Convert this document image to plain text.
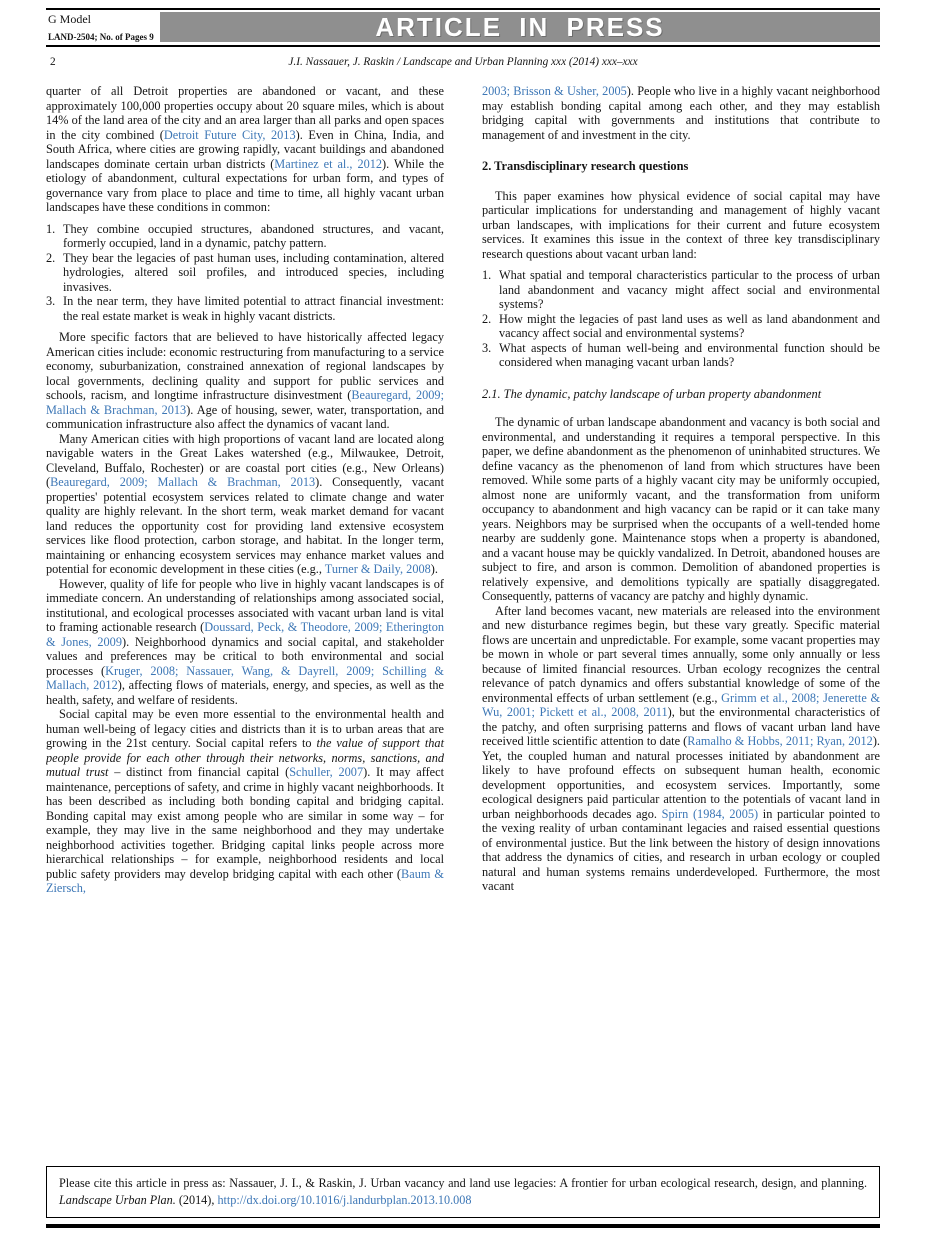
G Model
LAND-2504; No. of Pages 9	ARTICLE IN PRESS
2	J.I. Nassauer, J. Raskin / Landscape and Urban Planning xxx (2014) xxx–xxx

quarter of all Detroit properties are abandoned or vacant, and these approximately 100,000 properties occupy about 20 square miles, which is about 14% of the land area of the city and an area larger than all parks and open spaces in the city combined (Detroit Future City, 2013). Even in China, India, and South Africa, where cities are growing rapidly, vacant buildings and abandoned landscapes dominate certain urban districts (Martinez et al., 2012). While the etiology of abandonment, cultural expectations for urban form, and types of governance vary from place to place and time to time, all highly vacant urban landscapes have these conditions in common:

They combine occupied structures, abandoned structures, and vacant, formerly occupied, land in a dynamic, patchy pattern.
They bear the legacies of past human uses, including contamination, altered hydrologies, altered soil profiles, and introduced species, including invasives.
In the near term, they have limited potential to attract financial investment: the real estate market is weak in highly vacant districts.

More specific factors that are believed to have historically affected legacy American cities include: economic restructuring from manufacturing to a service economy, suburbanization, constrained annexation of regional landscapes by local governments, declining quality and support for public services and schools, racism, and longtime infrastructure disinvestment (Beauregard, 2009; Mallach & Brachman, 2013). Age of housing, sewer, water, transportation, and communication infrastructure also affect the dynamics of vacant land.

Many American cities with high proportions of vacant land are located along navigable waters in the Great Lakes watershed (e.g., Milwaukee, Detroit, Cleveland, Buffalo, Rochester) or are coastal port cities (e.g., New Orleans) (Beauregard, 2009; Mallach & Brachman, 2013). Consequently, vacant properties' potential ecosystem services related to climate change and water quality are highly relevant. In the short term, weak market demand for vacant land reduces the opportunity cost for providing land extensive ecosystem services like flood protection, carbon storage, and habitat. In the longer term, maintaining or enhancing ecosystem services may enhance market values and potential for economic development in these cities (e.g., Turner & Daily, 2008).

However, quality of life for people who live in highly vacant landscapes is of immediate concern. An understanding of relationships among associated social, institutional, and ecological processes associated with vacant urban land is vital to framing actionable research (Doussard, Peck, & Theodore, 2009; Etherington & Jones, 2009). Neighborhood dynamics and social capital, and stakeholder values and preferences may be critical to both environmental and social processes (Kruger, 2008; Nassauer, Wang, & Dayrell, 2009; Schilling & Mallach, 2012), affecting flows of materials, energy, and species, as well as the health, safety, and welfare of residents.

Social capital may be even more essential to the environmental health and human well-being of legacy cities and districts than it is to urban areas that are growing in the 21st century. Social capital refers to the value of support that people provide for each other through their networks, norms, sanctions, and mutual trust – distinct from financial capital (Schuller, 2007). It may affect maintenance, perceptions of safety, and crime in highly vacant neighborhoods. It has been described as including both bonding capital and bridging capital. Bonding capital may exist among people who are similar in some way – for example, they may live in the same neighborhood and they may undertake neighborhood activities together. Bridging capital links people across more hierarchical relationships – for example, neighborhood residents and local public safety providers may develop bridging capital with each other (Baum & Ziersch,

2003; Brisson & Usher, 2005). People who live in a highly vacant neighborhood may establish bonding capital among each other, and they may establish bridging capital with governments and institutions that contribute to management of and investment in the city.

2. Transdisciplinary research questions

This paper examines how physical evidence of social capital may have particular implications for understanding and management of highly vacant urban landscapes, with implications for their current and future ecosystem services. It examines this issue in the context of three key transdisciplinary research questions about vacant urban land:

What spatial and temporal characteristics particular to the process of urban land abandonment and vacancy might affect social and environmental systems?
How might the legacies of past land uses as well as land abandonment and vacancy affect social and environmental systems?
What aspects of human well-being and environmental function should be considered when managing vacant urban lands?
2.1. The dynamic, patchy landscape of urban property abandonment

The dynamic of urban landscape abandonment and vacancy is both social and environmental, and understanding it requires a temporal perspective. In this paper, we define abandonment as the phenomenon of uninhabited structures. We define vacancy as the phenomenon of land from which structures have been removed. While some parts of a highly vacant city may be uniformly occupied, almost none are uniformly vacant, and the transformation from uniform occupancy to abandonment and high vacancy can be rapid or it can take many years. Neighbors may be surprised when the occupants of a well-tended home nearby are suddenly gone. Maintenance stops when a property is abandoned, and a vacant house may be quickly vandalized. In Detroit, abandoned houses are subject to fire, and arson is common. Demolition of abandoned properties is relatively expensive, and demolitions typically are spatially disaggregated. Consequently, patterns of vacancy are patchy and highly dynamic.

After land becomes vacant, new materials are released into the environment and new disturbance regimes begin, but these vary greatly. Specific material flows are uncertain and unpredictable. For example, some vacant properties may be mown in whole or part several times annually, some only annually or less because of limited financial resources. Urban ecology recognizes the central relevance of patch dynamics and offers substantial knowledge of some of the environmental effects of urban settlement (e.g., Grimm et al., 2008; Jenerette & Wu, 2001; Pickett et al., 2008, 2011), but the environmental characteristics of the patchy, and often surprising patterns and flows of vacant urban land have received little scientific attention to date (Ramalho & Hobbs, 2011; Ryan, 2012). Yet, the coupled human and natural processes initiated by abandonment are likely to have profound effects on subsequent human health, economic development opportunities, and ecosystem services. Importantly, some ecological designers paid particular attention to the potentials of vacant land in urban neighborhoods decades ago. Spirn (1984, 2005) in particular pointed to the vexing reality of urban contaminant legacies and raised essential questions of environmental justice. But the link between the history of design innovations that address the dynamics of cities, and research in urban ecology or coupled natural and human systems remains underdeveloped. Furthermore, the most vacant

Please cite this article in press as: Nassauer, J. I., & Raskin, J. Urban vacancy and land use legacies: A frontier for urban ecological research, design, and planning. Landscape Urban Plan. (2014), http://dx.doi.org/10.1016/j.landurbplan.2013.10.008
